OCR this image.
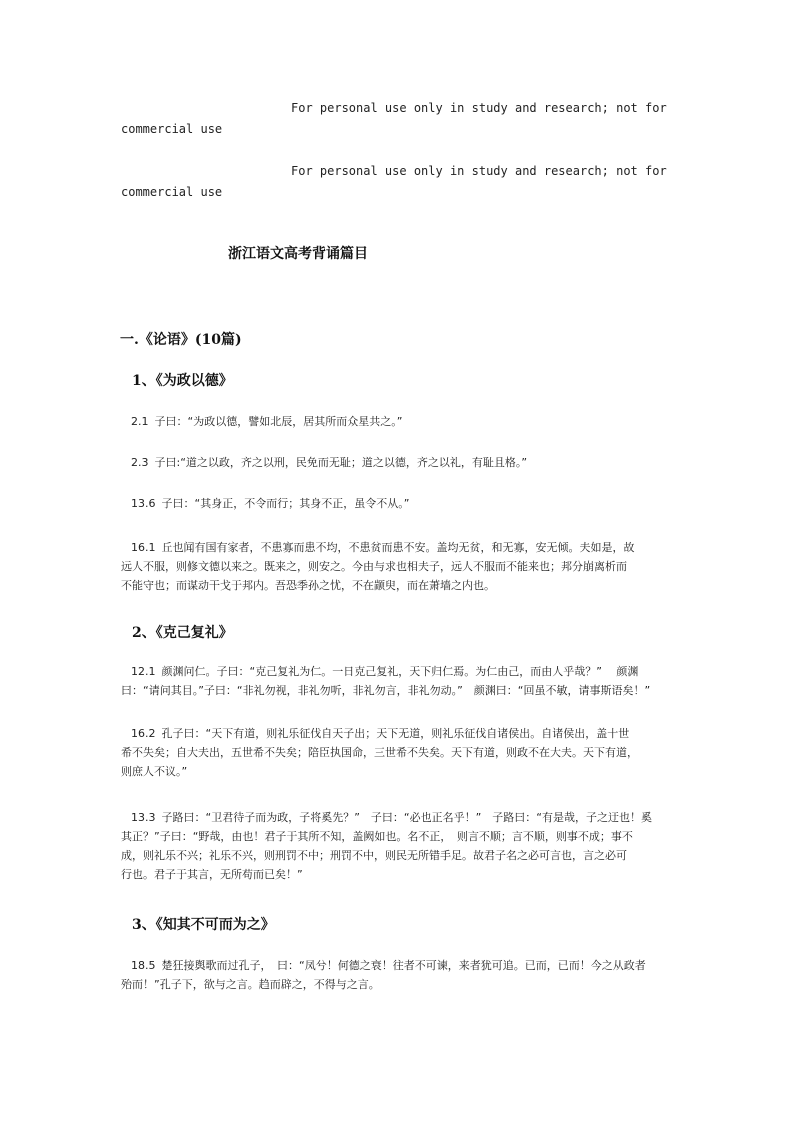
For personal use only in study and research; not for
commercial use
For personal use only in study and research; not for
commercial use
浙江语文高考背诵篇目
一.《论语》(10篇)
1、《为政以德》
2.1 子曰：“为政以德，譬如北辰，居其所而众星共之。”
2.3 子曰:“道之以政，齐之以刑，民免而无耻；道之以德，齐之以礼，有耻且格。”
13.6 子曰：“其身正，不令而行；其身不正，虽令不从。”
16.1 丘也闻有国有家者，不患寡而患不均，不患贫而患不安。盖均无贫，和无寡，安无倾。夫如是，故
远人不服，则修文德以来之。既来之，则安之。今由与求也相夫子，远人不服而不能来也；邦分崩离析而
不能守也；而谋动干戈于邦内。吾恐季孙之忧，不在颛臾，而在萧墙之内也。
2、《克己复礼》
12.1 颜渊问仁。子曰：“克己复礼为仁。一日克己复礼，天下归仁焉。为仁由己，而由人乎哉？”　 颜渊
曰：“请问其目。”子曰：“非礼勿视，非礼勿听，非礼勿言，非礼勿动。”　颜渊曰：“回虽不敏，请事斯语矣！”
16.2 孔子曰：“天下有道，则礼乐征伐自天子出；天下无道，则礼乐征伐自诸侯出。自诸侯出，盖十世
希不失矣；自大夫出，五世希不失矣；陪臣执国命，三世希不失矣。天下有道，则政不在大夫。天下有道，
则庶人不议。”
13.3 子路曰：“卫君待子而为政，子将奚先？”　子曰：“必也正名乎！”　子路曰：“有是哉，子之迂也！奚
其正？”子曰：“野哉，由也！君子于其所不知，盖阙如也。名不正，　则言不顺；言不顺，则事不成；事不
成，则礼乐不兴；礼乐不兴，则刑罚不中；刑罚不中，则民无所错手足。故君子名之必可言也，言之必可
行也。君子于其言，无所苟而已矣！”
3、《知其不可而为之》
18.5 楚狂接舆歌而过孔子，　曰：“凤兮！何德之衰！往者不可谏，来者犹可追。已而，已而！今之从政者
殆而！”孔子下，欲与之言。趋而辟之，不得与之言。
